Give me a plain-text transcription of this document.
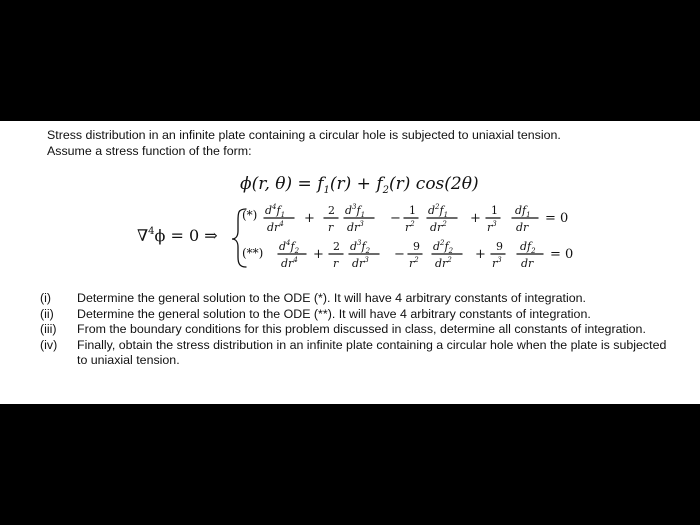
Stress distribution in an infinite plate containing a circular hole is subjected to uniaxial tension.
Assume a stress function of the form:
ϕ(r, $\theta) = f_1(r) + f_2(r)$ cos(2θ)
∇$^4$ϕ = 0 ⇒
(*) $d^4f_1$
$dr^4$ +
2
r
$d^3f_1$
$dr^3$ −
1
$r^2$
$d^2f_1$
$dr^2$ +
1
$r^3$
$df_1$
dr
= 0
(**) $d^4f_2$
$dr^4$ +
2
r
$d^3f_2$
$dr^3$ −
9
$r^2$
$d^2f_2$
$dr^2$ +
9
$r^3$
$df_2$
dr
= 0
(i)	Determine the general solution to the ODE (*). It will have 4 arbitrary constants of integration.
(ii)	Determine the general solution to the ODE (**). It will have 4 arbitrary constants of integration.
(iii)	From the boundary conditions for this problem discussed in class, determine all constants of integration.
(iv)	Finally, obtain the stress distribution in an infinite plate containing a circular hole when the plate is subjected to uniaxial tension.
